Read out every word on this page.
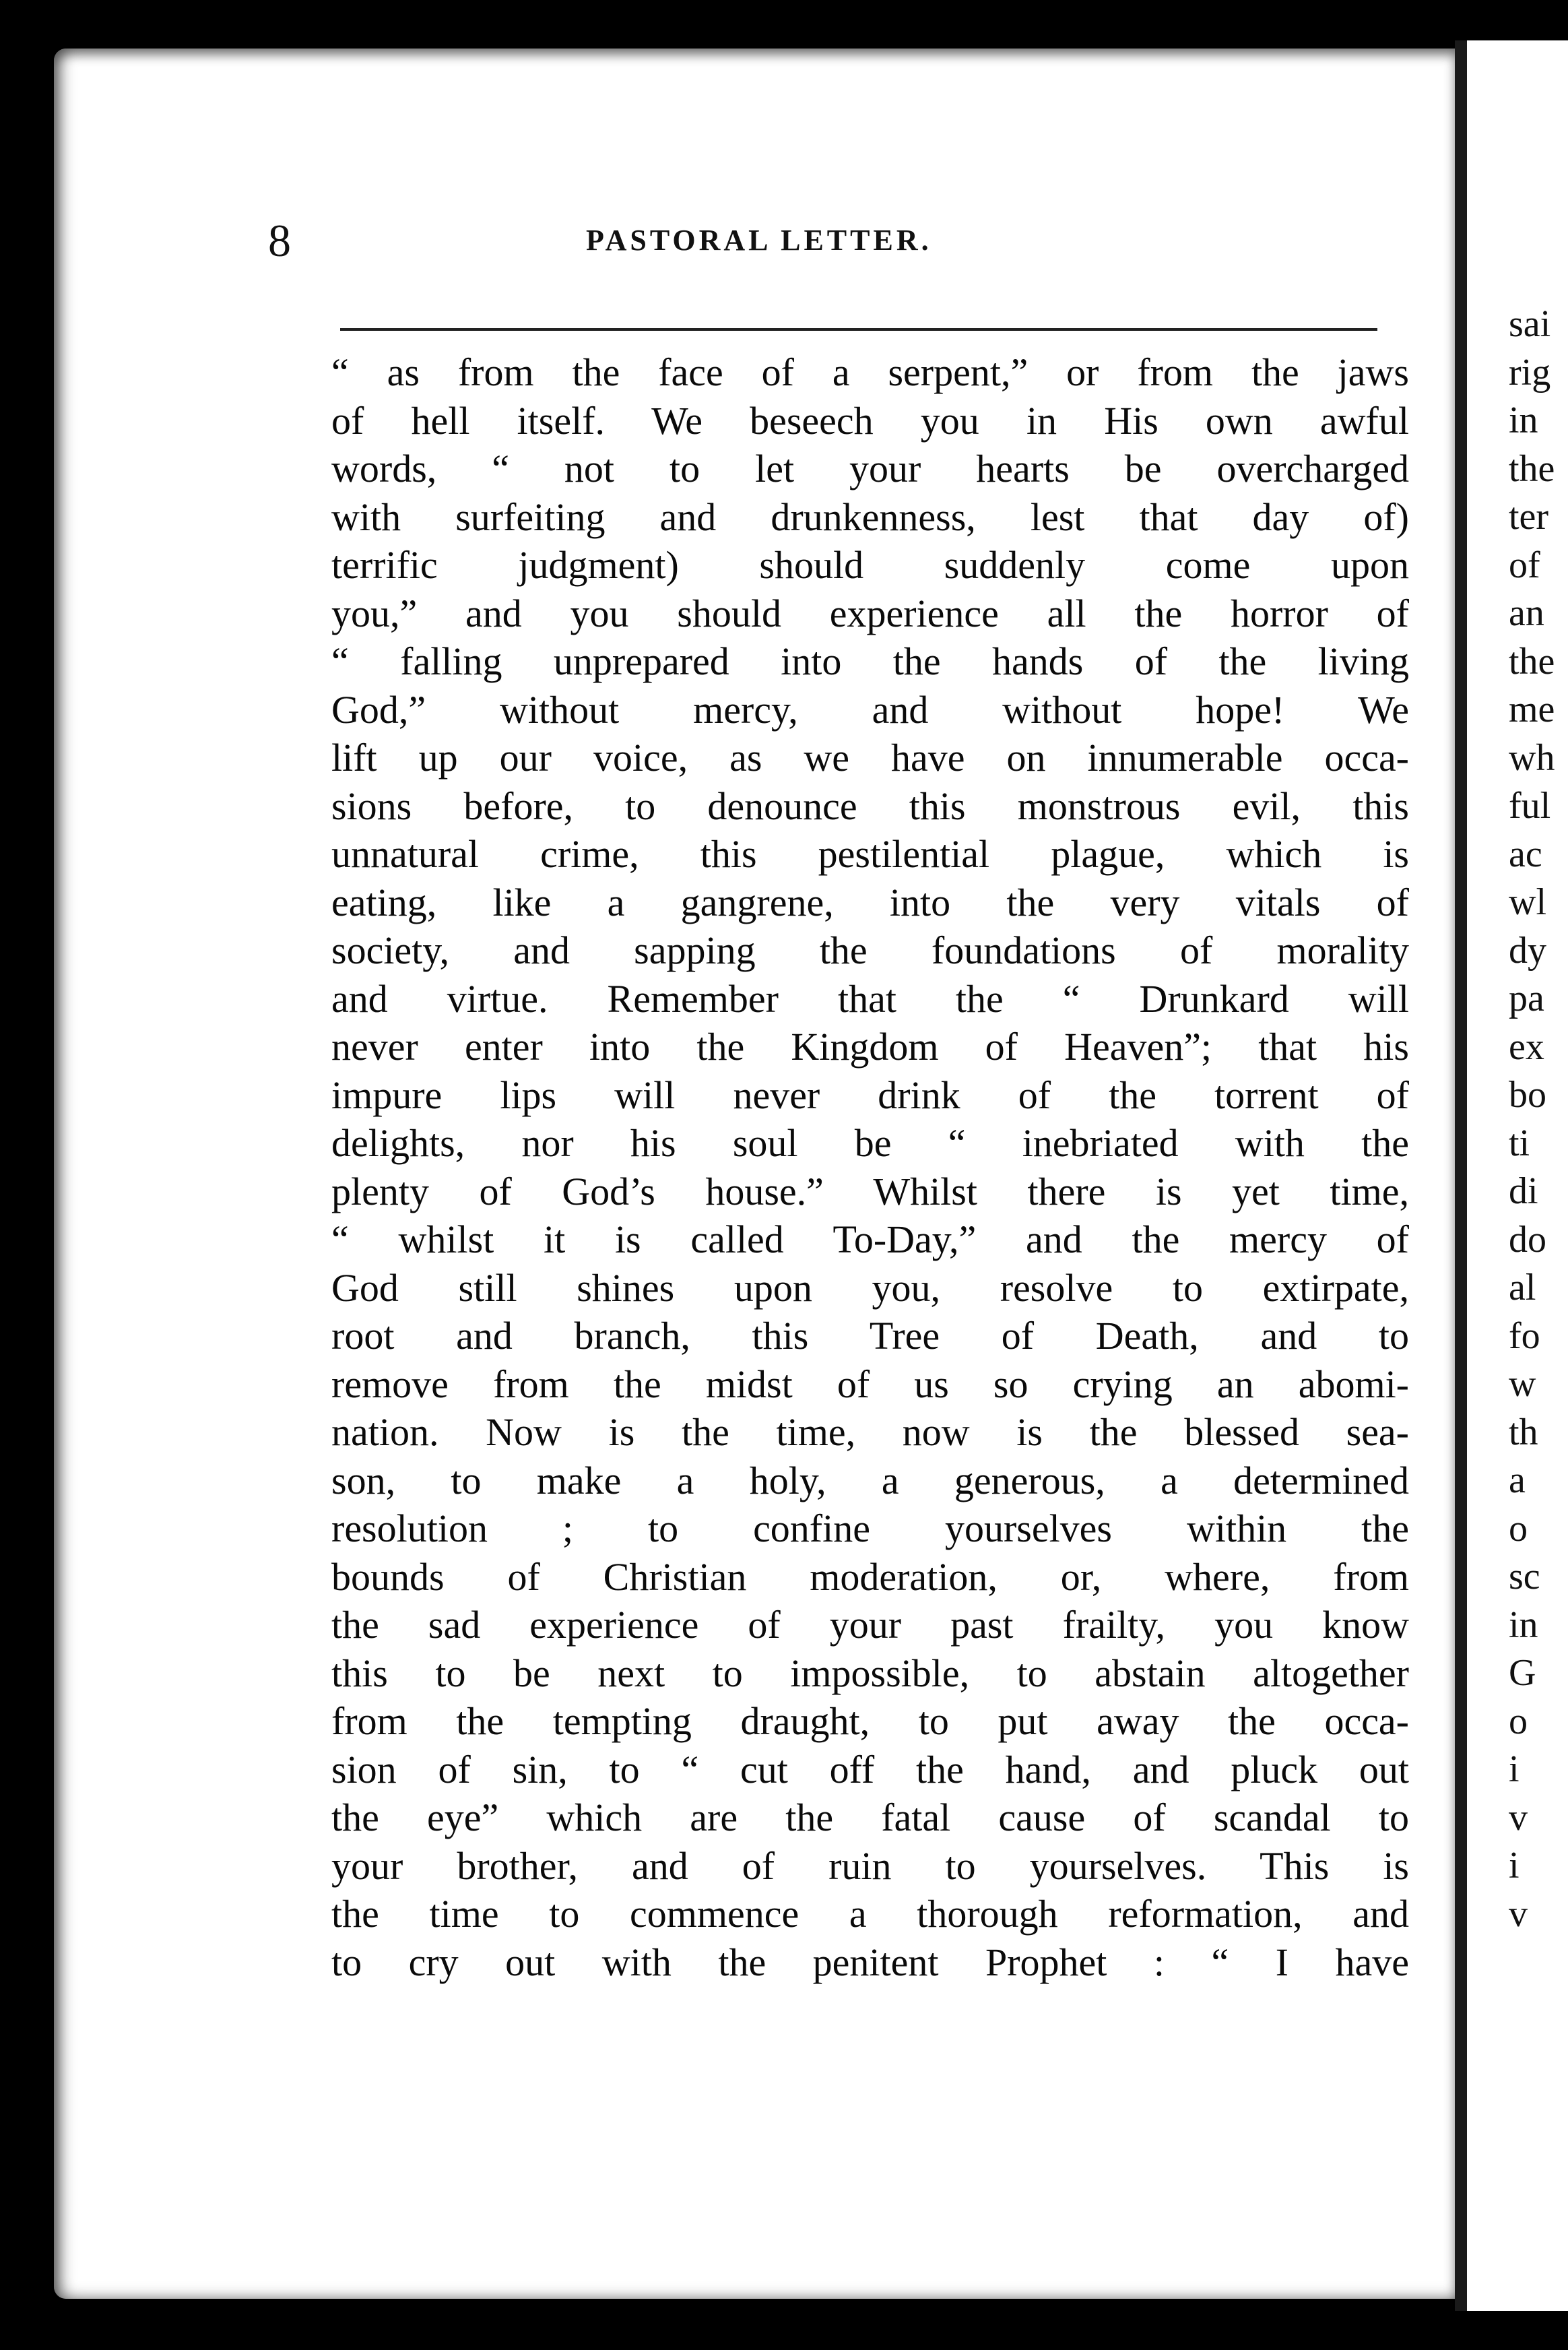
8	PASTORAL LETTER.
“ as from the face of a serpent,” or from the jaws
of hell itself. We beseech you in His own awful
words, “ not to let your hearts be overcharged
with surfeiting and drunkenness, lest that day of)
terrific judgment) should suddenly come upon
you,” and you should experience all the horror of
“ falling unprepared into the hands of the living
God,” without mercy, and without hope! We
lift up our voice, as we have on innumerable occa-
sions before, to denounce this monstrous evil, this
unnatural crime, this pestilential plague, which is
eating, like a gangrene, into the very vitals of
society, and sapping the foundations of morality
and virtue. Remember that the “ Drunkard will
never enter into the Kingdom of Heaven”; that his
impure lips will never drink of the torrent of
delights, nor his soul be “ inebriated with the
plenty of God’s house.” Whilst there is yet time,
“ whilst it is called To-Day,” and the mercy of
God still shines upon you, resolve to extirpate,
root and branch, this Tree of Death, and to
remove from the midst of us so crying an abomi-
nation. Now is the time, now is the blessed sea-
son, to make a holy, a generous, a determined
resolution ; to confine yourselves within the
bounds of Christian moderation, or, where, from
the sad experience of your past frailty, you know
this to be next to impossible, to abstain altogether
from the tempting draught, to put away the occa-
sion of sin, to “ cut off the hand, and pluck out
the eye” which are the fatal cause of scandal to
your brother, and of ruin to yourselves. This is
the time to commence a thorough reformation, and
to cry out with the penitent Prophet : “ I have
sai
rig
in
the
ter
of
an
the
me
wh
ful
ac
wl
dy
pa
ex
bo
ti
di
do
al
fo
w
th
a
o
sc
in
G
o
i
v
i
v
